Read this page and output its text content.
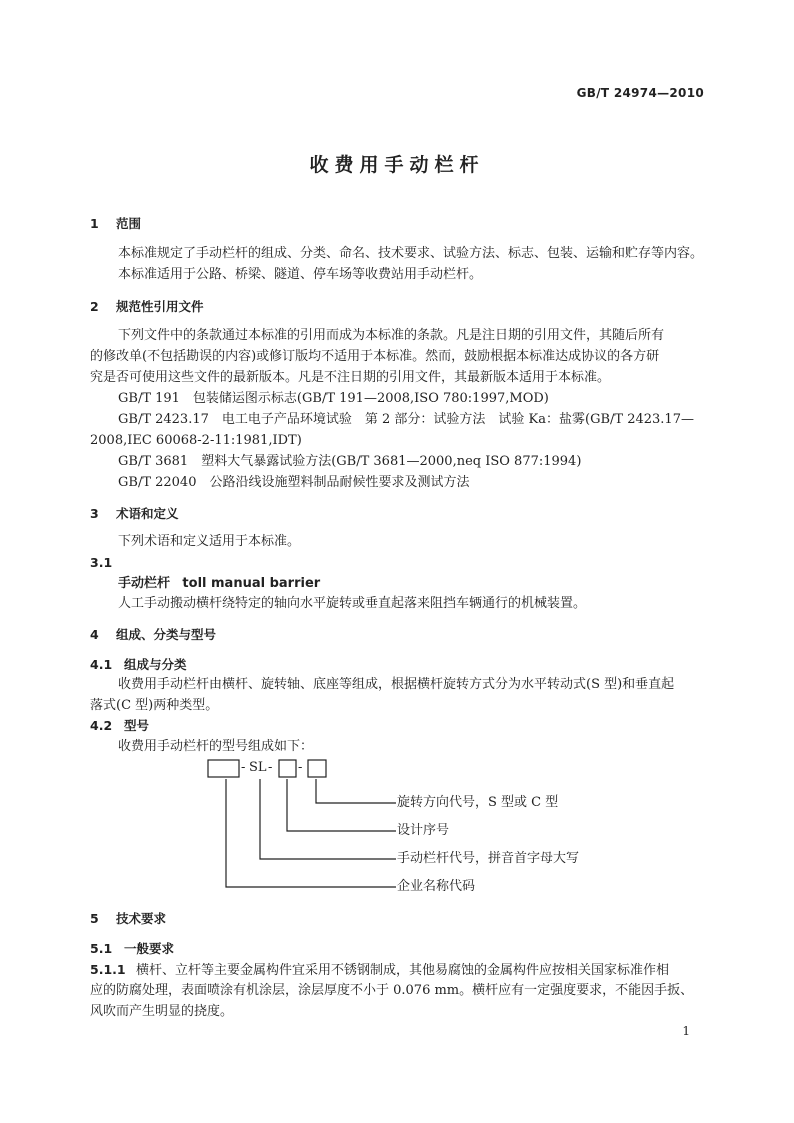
GB/T 24974—2010
收费用手动栏杆
1 范围
本标准规定了手动栏杆的组成、分类、命名、技术要求、试验方法、标志、包装、运输和贮存等内容。
本标准适用于公路、桥梁、隧道、停车场等收费站用手动栏杆。
2 规范性引用文件
下列文件中的条款通过本标准的引用而成为本标准的条款。凡是注日期的引用文件，其随后所有
的修改单(不包括勘误的内容)或修订版均不适用于本标准。然而，鼓励根据本标准达成协议的各方研
究是否可使用这些文件的最新版本。凡是不注日期的引用文件，其最新版本适用于本标准。
GB/T 191　包装储运图示标志(GB/T 191—2008,ISO 780:1997,MOD)
GB/T 2423.17　电工电子产品环境试验　第 2 部分：试验方法　试验 Ka：盐雾(GB/T 2423.17—
2008,IEC 60068-2-11:1981,IDT)
GB/T 3681　塑料大气暴露试验方法(GB/T 3681—2000,neq ISO 877:1994)
GB/T 22040　公路沿线设施塑料制品耐候性要求及测试方法
3 术语和定义
下列术语和定义适用于本标准。
3.1
手动栏杆 toll manual barrier
人工手动搬动横杆绕特定的轴向水平旋转或垂直起落来阻挡车辆通行的机械装置。
4 组成、分类与型号
4.1 组成与分类
收费用手动栏杆由横杆、旋转轴、底座等组成，根据横杆旋转方式分为水平转动式(S 型)和垂直起
落式(C 型)两种类型。
4.2 型号
收费用手动栏杆的型号组成如下：
- SL - -
旋转方向代号，S 型或 C 型
设计序号
手动栏杆代号，拼音首字母大写
企业名称代码
5 技术要求
5.1 一般要求
5.1.1 横杆、立杆等主要金属构件宜采用不锈钢制成，其他易腐蚀的金属构件应按相关国家标准作相
应的防腐处理，表面喷涂有机涂层，涂层厚度不小于 0.076 mm。横杆应有一定强度要求，不能因手扳、
风吹而产生明显的挠度。
1
